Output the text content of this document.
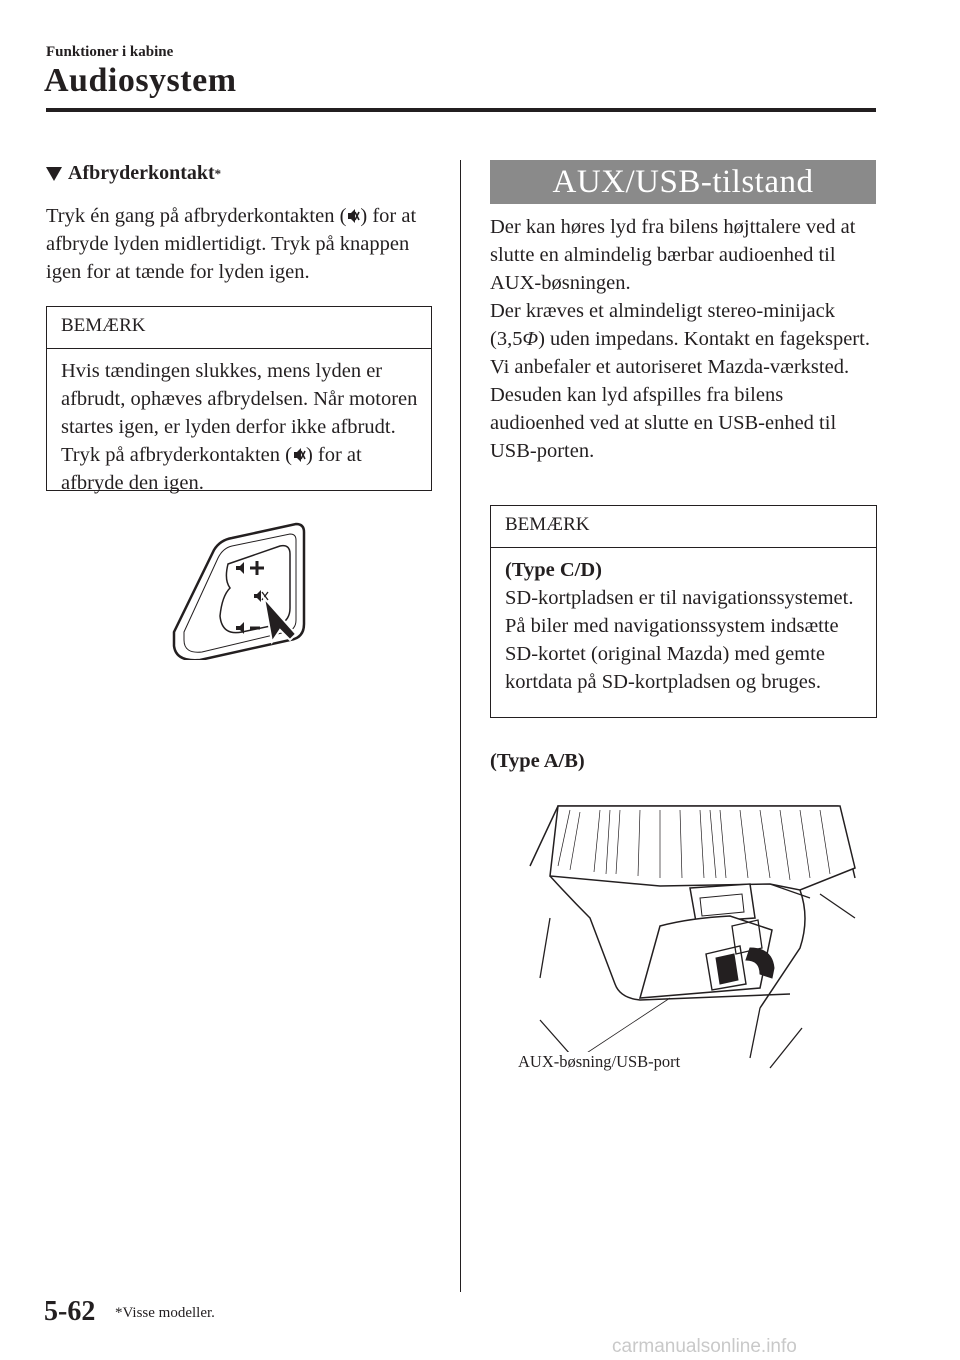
Funktioner i kabine
Audiosystem
Afbryderkontakt *

Tryk én gang på afbryderkontakten ( ) for at afbryde lyden midlertidigt. Tryk på knappen igen for at tænde for lyden igen.

BEMÆRK

Hvis tændingen slukkes, mens lyden er afbrudt, ophæves afbrydelsen. Når motoren startes igen, er lyden derfor ikke afbrudt. Tryk på afbryderkontakten ( ) for at afbryde den igen.

AUX/USB-tilstand

Der kan høres lyd fra bilens højttalere ved at slutte en almindelig bærbar audioenhed til AUX-bøsningen.

Der kræves et almindeligt stereo-minijack (3,5Φ) uden impedans. Kontakt en fagekspert. Vi anbefaler et autoriseret Mazda-værksted.

Desuden kan lyd afspilles fra bilens audioenhed ved at slutte en USB-enhed til USB-porten.

BEMÆRK

(Type C/D)

SD-kortpladsen er til navigationssystemet. På biler med navigationssystem indsætte SD-kortet (original Mazda) med gemte kortdata på SD-kortpladsen og bruges.

(Type A/B)
AUX-bøsning/USB-port
5-62 *Visse modeller.
carmanualsonline.info
